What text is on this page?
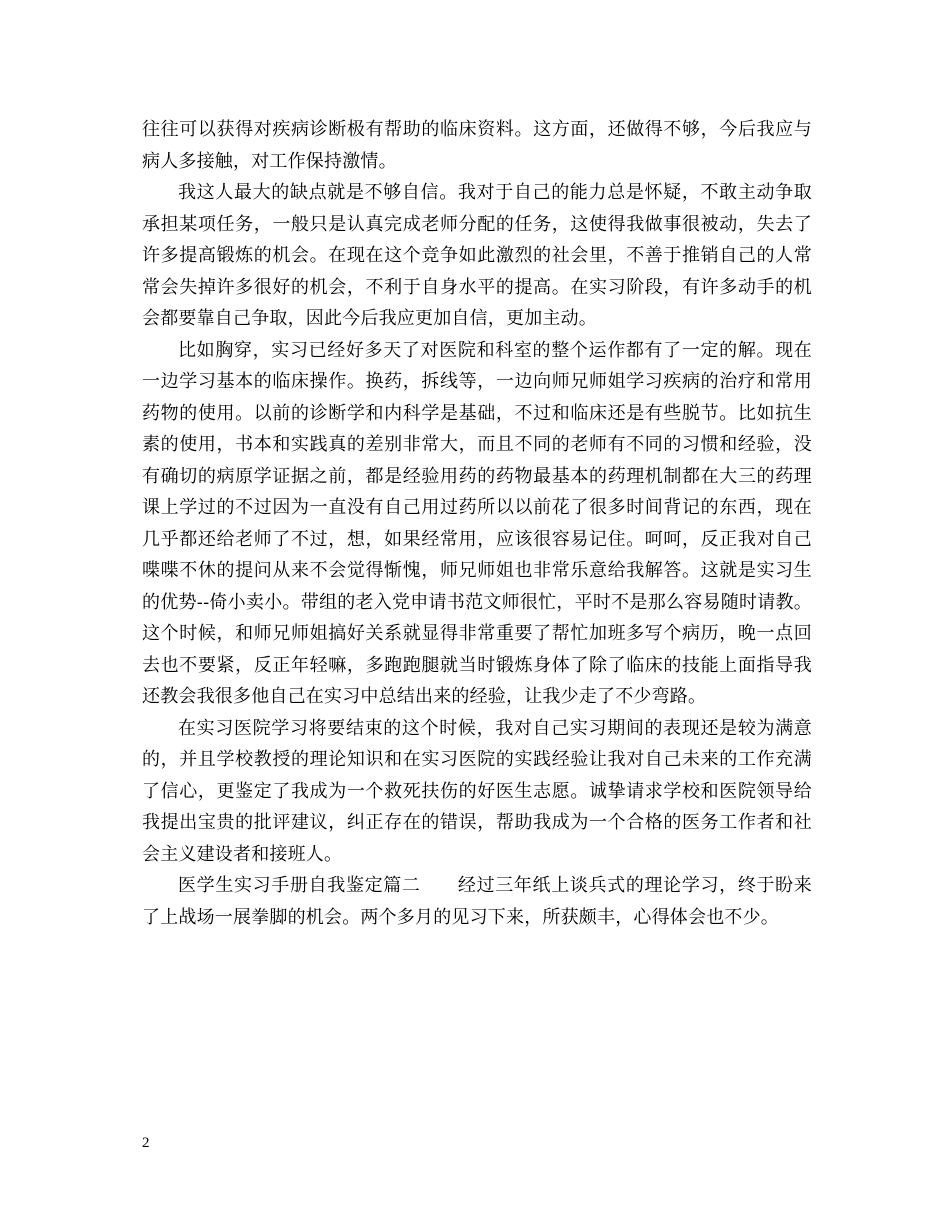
往往可以获得对疾病诊断极有帮助的临床资料。这方面，还做得不够，今后我应与病人多接触，对工作保持激情。

我这人最大的缺点就是不够自信。我对于自己的能力总是怀疑，不敢主动争取承担某项任务，一般只是认真完成老师分配的任务，这使得我做事很被动，失去了许多提高锻炼的机会。在现在这个竞争如此激烈的社会里，不善于推销自己的人常常会失掉许多很好的机会，不利于自身水平的提高。在实习阶段，有许多动手的机会都要靠自己争取，因此今后我应更加自信，更加主动。

比如胸穿，实习已经好多天了对医院和科室的整个运作都有了一定的解。现在一边学习基本的临床操作。换药，拆线等，一边向师兄师姐学习疾病的治疗和常用药物的使用。以前的诊断学和内科学是基础，不过和临床还是有些脱节。比如抗生素的使用，书本和实践真的差别非常大，而且不同的老师有不同的习惯和经验，没有确切的病原学证据之前，都是经验用药的药物最基本的药理机制都在大三的药理课上学过的不过因为一直没有自己用过药所以以前花了很多时间背记的东西，现在几乎都还给老师了不过，想，如果经常用，应该很容易记住。呵呵，反正我对自己喋喋不休的提问从来不会觉得惭愧，师兄师姐也非常乐意给我解答。这就是实习生的优势--倚小卖小。带组的老入党申请书范文师很忙，平时不是那么容易随时请教。这个时候，和师兄师姐搞好关系就显得非常重要了帮忙加班多写个病历，晚一点回去也不要紧，反正年轻嘛，多跑跑腿就当时锻炼身体了除了临床的技能上面指导我还教会我很多他自己在实习中总结出来的经验，让我少走了不少弯路。

在实习医院学习将要结束的这个时候，我对自己实习期间的表现还是较为满意的，并且学校教授的理论知识和在实习医院的实践经验让我对自己未来的工作充满了信心，更鉴定了我成为一个救死扶伤的好医生志愿。诚挚请求学校和医院领导给我提出宝贵的批评建议，纠正存在的错误，帮助我成为一个合格的医务工作者和社会主义建设者和接班人。

医学生实习手册自我鉴定篇二　　经过三年纸上谈兵式的理论学习，终于盼来了上战场一展拳脚的机会。两个多月的见习下来，所获颇丰，心得体会也不少。

2
